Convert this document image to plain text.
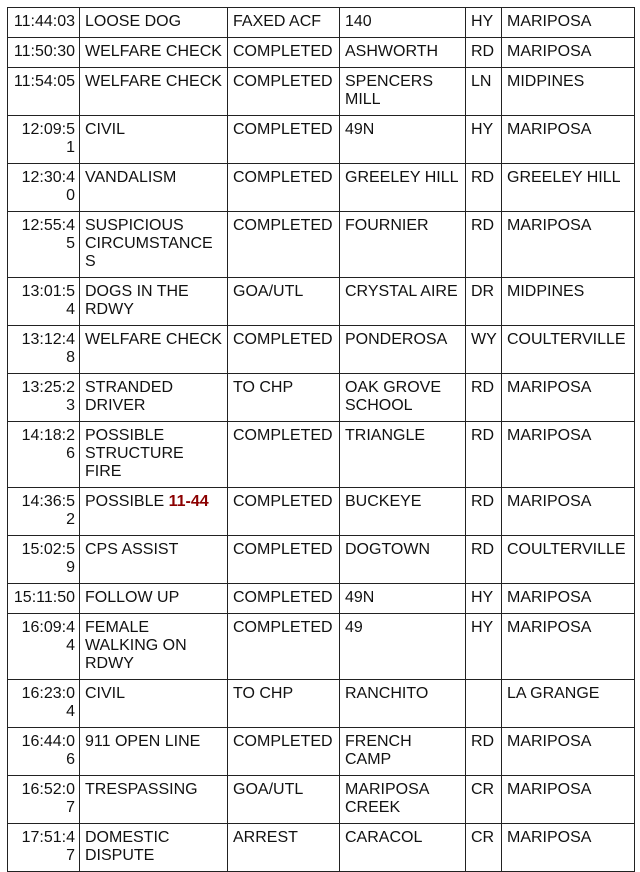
11:44:03	LOOSE DOG	FAXED ACF	140	HY	MARIPOSA
11:50:30	WELFARE CHECK	COMPLETED	ASHWORTH	RD	MARIPOSA
11:54:05	WELFARE CHECK	COMPLETED	SPENCERS MILL	LN	MIDPINES
12:09:51	CIVIL	COMPLETED	49N	HY	MARIPOSA
12:30:40	VANDALISM	COMPLETED	GREELEY HILL	RD	GREELEY HILL
12:55:45	SUSPICIOUS CIRCUMSTANCES	COMPLETED	FOURNIER	RD	MARIPOSA
13:01:54	DOGS IN THE RDWY	GOA/UTL	CRYSTAL AIRE	DR	MIDPINES
13:12:48	WELFARE CHECK	COMPLETED	PONDEROSA	WY	COULTERVILLE
13:25:23	STRANDED DRIVER	TO CHP	OAK GROVE SCHOOL	RD	MARIPOSA
14:18:26	POSSIBLE STRUCTURE FIRE	COMPLETED	TRIANGLE	RD	MARIPOSA
14:36:52	POSSIBLE 11-44	COMPLETED	BUCKEYE	RD	MARIPOSA
15:02:59	CPS ASSIST	COMPLETED	DOGTOWN	RD	COULTERVILLE
15:11:50	FOLLOW UP	COMPLETED	49N	HY	MARIPOSA
16:09:44	FEMALE WALKING ON RDWY	COMPLETED	49	HY	MARIPOSA
16:23:04	CIVIL	TO CHP	RANCHITO		LA GRANGE
16:44:06	911 OPEN LINE	COMPLETED	FRENCH CAMP	RD	MARIPOSA
16:52:07	TRESPASSING	GOA/UTL	MARIPOSA CREEK	CR	MARIPOSA
17:51:47	DOMESTIC DISPUTE	ARREST	CARACOL	CR	MARIPOSA
